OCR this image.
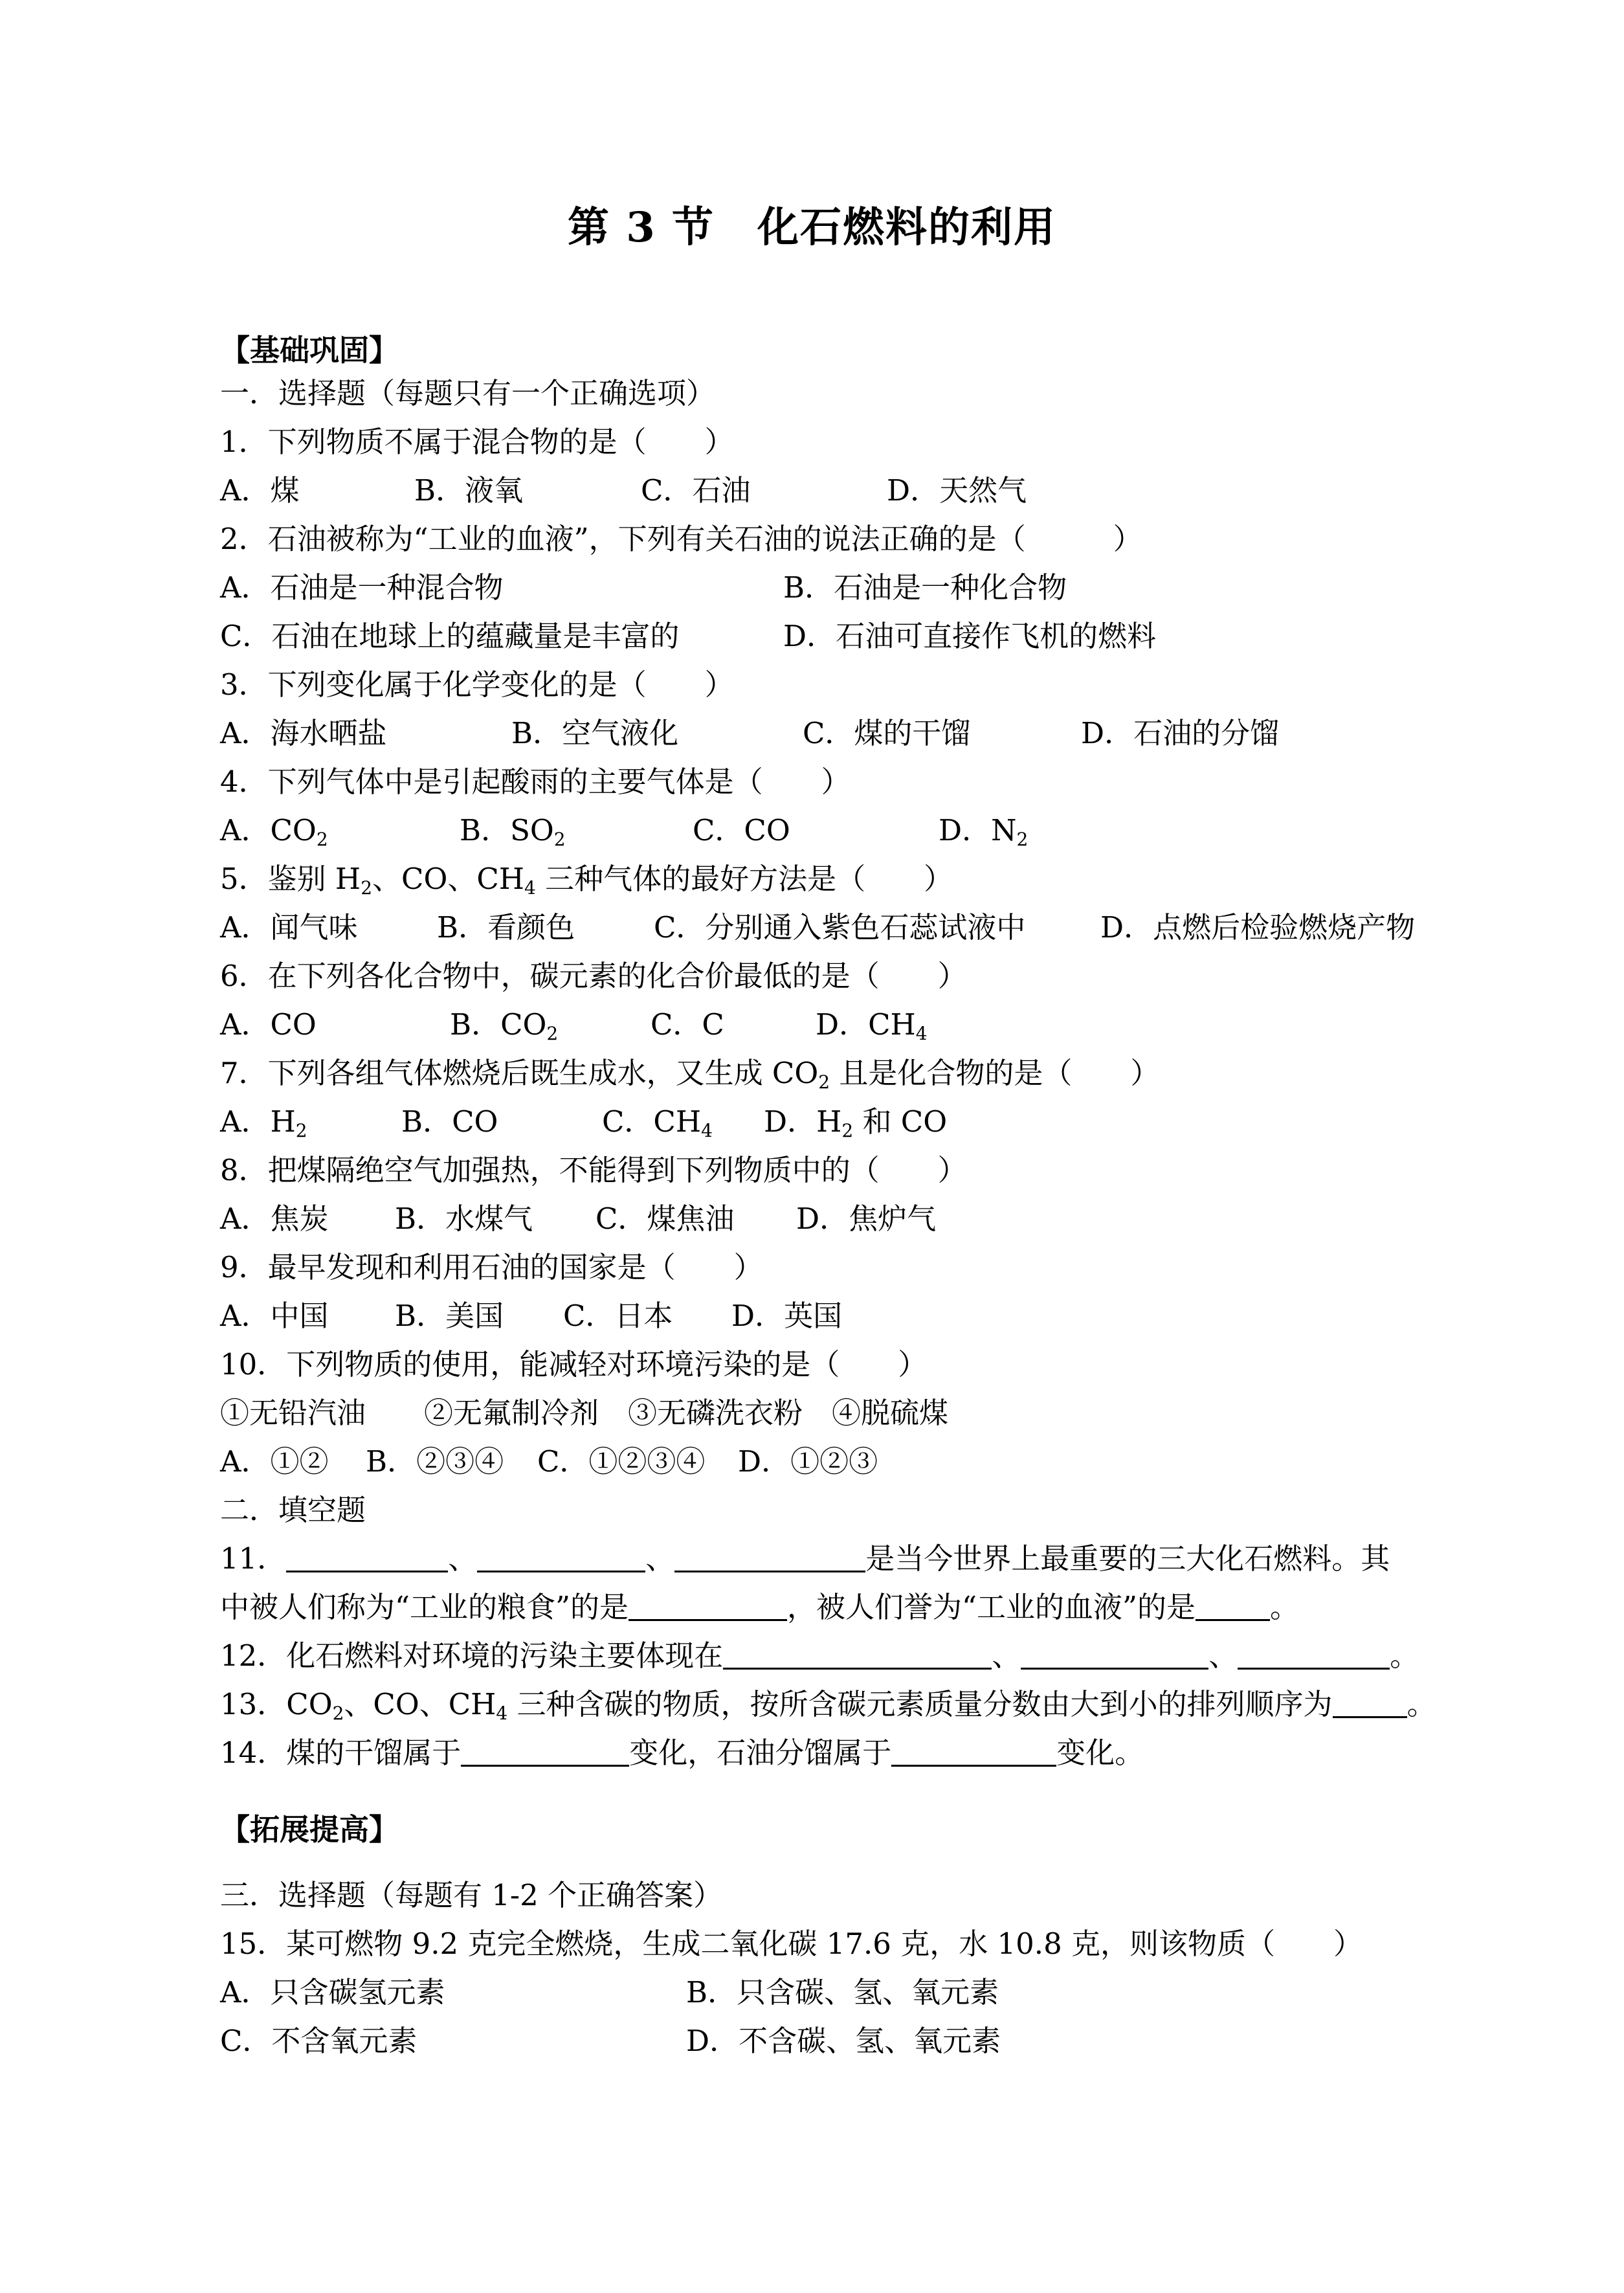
第 3 节　化石燃料的利用
【基础巩固】
一．选择题（每题只有一个正确选项）
1．下列物质不属于混合物的是（　　）
A．煤	B．液氧	C．石油	D．天然气
2．石油被称为“工业的血液”，下列有关石油的说法正确的是（　　　）
A．石油是一种混合物	B．石油是一种化合物
C．石油在地球上的蕴藏量是丰富的	D．石油可直接作飞机的燃料
3．下列变化属于化学变化的是（　　）
A．海水晒盐	B．空气液化	C．煤的干馏	D．石油的分馏
4．下列气体中是引起酸雨的主要气体是（　　）
A．$CO_2$	B．$SO_2$	C．CO	D．$N_2$
5．鉴别 $H_2$、CO、$CH_4$ 三种气体的最好方法是（　　）
A．闻气味	B．看颜色	C．分别通入紫色石蕊试液中	D．点燃后检验燃烧产物
6．在下列各化合物中，碳元素的化合价最低的是（　　）
A．CO	B．$CO_2$	C．C	D．$CH_4$
7．下列各组气体燃烧后既生成水，又生成 $CO_2$ 且是化合物的是（　　）
A．$H_2$	B．CO	C．$CH_4$ D．$H_2$ 和 CO
8．把煤隔绝空气加强热，不能得到下列物质中的（　　）
A．焦炭 B．水煤气 C．煤焦油 D．焦炉气
9．最早发现和利用石油的国家是（　　）
A．中国 B．美国 C．日本 D．英国
10．下列物质的使用，能减轻对环境污染的是（　　）
①无铅汽油　　②无氟制冷剂　③无磷洗衣粉　④脱硫煤
A．①② B．②③④ C．①②③④ D．①②③
二．填空题
11．	、	、	是当今世界上最重要的三大化石燃料。其
中被人们称为“工业的粮食”的是	，被人们誉为“工业的血液”的是	。
12．化石燃料对环境的污染主要体现在	、	、	。
13．$CO_2$、CO、$CH_4$ 三种含碳的物质，按所含碳元素质量分数由大到小的排列顺序为	。
14．煤的干馏属于	变化，石油分馏属于	变化。
【拓展提高】
三．选择题（每题有 1-2 个正确答案）
15．某可燃物 9.2 克完全燃烧，生成二氧化碳 17.6 克，水 10.8 克，则该物质（　　）
A．只含碳氢元素	B．只含碳、氢、氧元素
C．不含氧元素	D．不含碳、氢、氧元素
